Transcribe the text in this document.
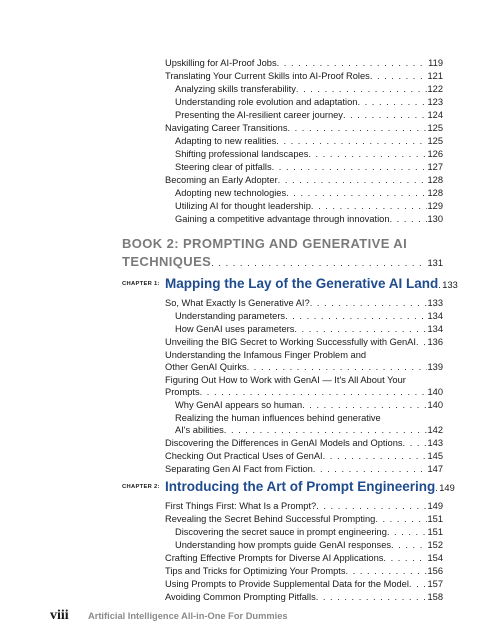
Upskilling for AI-Proof Jobs . . .	119
Translating Your Current Skills into AI-Proof Roles . . .	121
Analyzing skills transferability . . .	122
Understanding role evolution and adaptation . . .	123
Presenting the AI-resilient career journey . . .	124
Navigating Career Transitions . . .	125
Adapting to new realities . . .	125
Shifting professional landscapes . . .	126
Steering clear of pitfalls . . .	127
Becoming an Early Adopter . . .	128
Adopting new technologies . . .	128
Utilizing AI for thought leadership . . .	129
Gaining a competitive advantage through innovation . . .	130
BOOK 2: PROMPTING AND GENERATIVE AI
TECHNIQUES . . .	131
CHAPTER 1: Mapping the Lay of the Generative AI Land . . . 133
So, What Exactly Is Generative AI? . . .	133
Understanding parameters . . .	134
How GenAI uses parameters . . .	134
Unveiling the BIG Secret to Working Successfully with GenAI . . . 136
Understanding the Infamous Finger Problem and
Other GenAI Quirks . . .	139
Figuring Out How to Work with GenAI — It's All About Your
Prompts . . .	140
Why GenAI appears so human . . .	140
Realizing the human influences behind generative
AI's abilities . . .	142
Discovering the Differences in GenAI Models and Options . . .	143
Checking Out Practical Uses of GenAI . . .	145
Separating Gen AI Fact from Fiction . . .	147
CHAPTER 2: Introducing the Art of Prompt Engineering . . . 149
First Things First: What Is a Prompt? . . .	149
Revealing the Secret Behind Successful Prompting . . .	151
Discovering the secret sauce in prompt engineering . . .	151
Understanding how prompts guide GenAI responses . . .	152
Crafting Effective Prompts for Diverse AI Applications . . .	154
Tips and Tricks for Optimizing Your Prompts . . .	156
Using Prompts to Provide Supplemental Data for the Model . . . 157
Avoiding Common Prompting Pitfalls . . .	158
viii Artificial Intelligence All-in-One For Dummies
